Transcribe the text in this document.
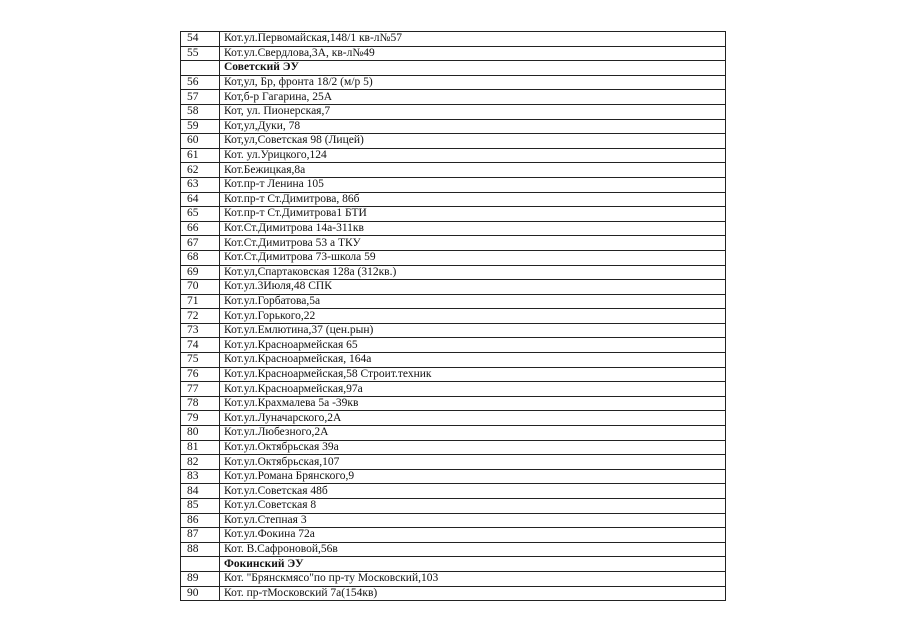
54	Кот.ул.Первомайская,148/1 кв-л№57
55	Кот.ул.Свердлова,3А, кв-л№49
	Советский ЭУ
56	Кот,ул, Бр, фронта 18/2 (м/р 5)
57	Кот,б-р Гагарина, 25А
58	Кот, ул. Пионерская,7
59	Кот,ул,Дуки, 78
60	Кот,ул,Советская 98 (Лицей)
61	Кот. ул.Урицкого,124
62	Кот.Бежицкая,8а
63	Кот.пр-т Ленина 105
64	Кот.пр-т Ст.Димитрова, 86б
65	Кот.пр-т Ст.Димитрова1 БТИ
66	Кот.Ст.Димитрова 14а-311кв
67	Кот.Ст.Димитрова 53 а ТКУ
68	Кот.Ст.Димитрова 73-школа 59
69	Кот.ул,Спартаковская 128а (312кв.)
70	Кот.ул.3Июля,48 СПК
71	Кот.ул.Горбатова,5а
72	Кот.ул.Горького,22
73	Кот.ул.Емлютина,37 (цен.рын)
74	Кот.ул.Красноармейская 65
75	Кот.ул.Красноармейская, 164а
76	Кот.ул.Красноармейская,58 Строит.техник
77	Кот.ул.Красноармейская,97а
78	Кот.ул.Крахмалева 5а -39кв
79	Кот.ул.Луначарского,2А
80	Кот.ул.Любезного,2А
81	Кот.ул.Октябрьская 39а
82	Кот.ул.Октябрьская,107
83	Кот.ул.Романа Брянского,9
84	Кот.ул.Советская 48б
85	Кот.ул.Советская 8
86	Кот.ул.Степная 3
87	Кот.ул.Фокина 72а
88	Кот. В.Сафроновой,56в
	Фокинский ЭУ
89	Кот. "Брянскмясо"по пр-ту Московский,103
90	Кот. пр-тМосковский 7а(154кв)
